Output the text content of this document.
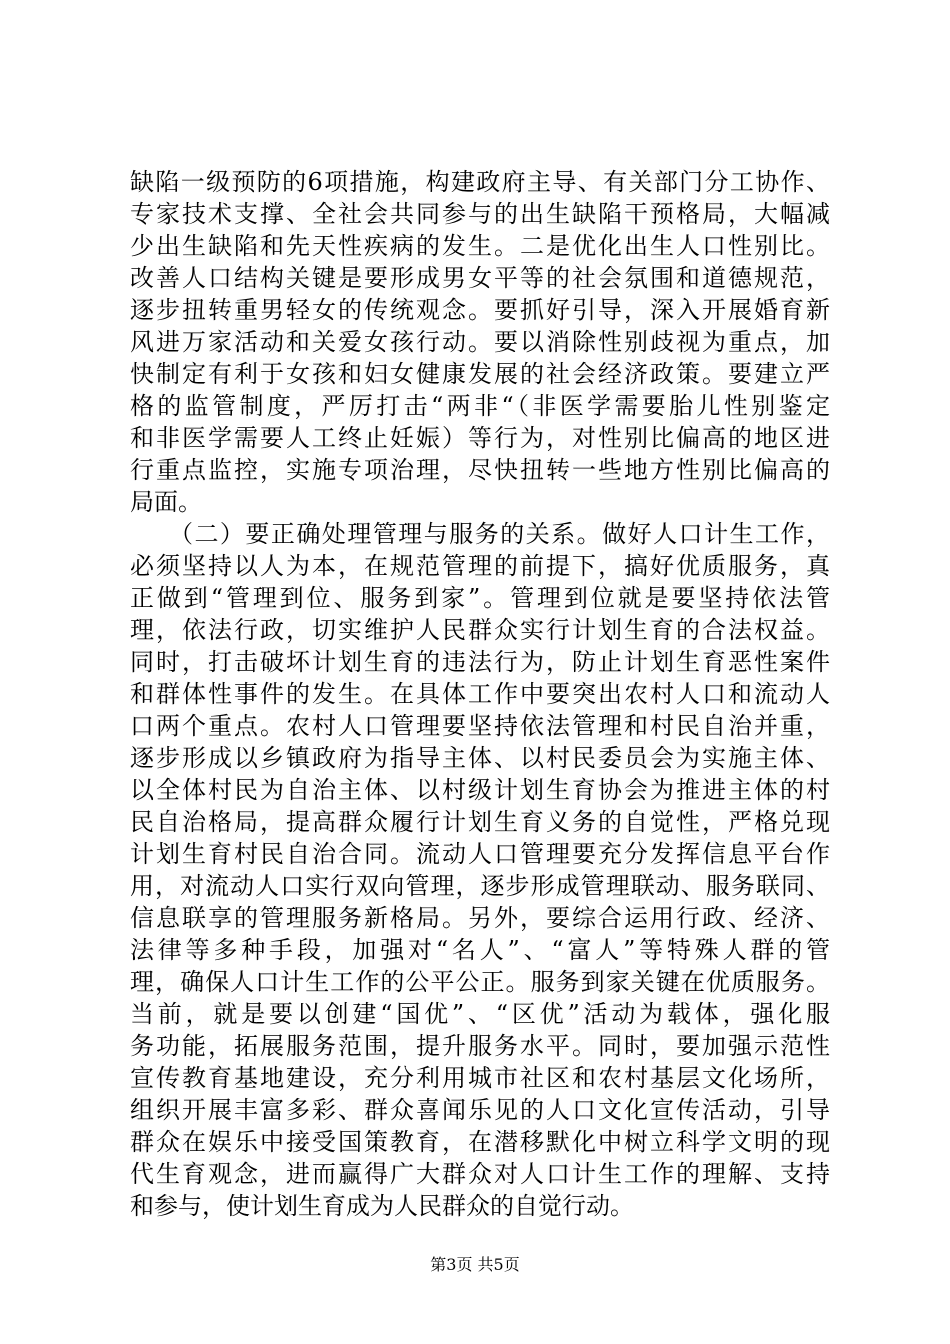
缺陷一级预防的6项措施，构建政府主导、有关部门分工协作、
专家技术支撑、全社会共同参与的出生缺陷干预格局，大幅减
少出生缺陷和先天性疾病的发生。二是优化出生人口性别比。
改善人口结构关键是要形成男女平等的社会氛围和道德规范，
逐步扭转重男轻女的传统观念。要抓好引导，深入开展婚育新
风进万家活动和关爱女孩行动。要以消除性别歧视为重点，加
快制定有利于女孩和妇女健康发展的社会经济政策。要建立严
格的监管制度，严厉打击“两非“（非医学需要胎儿性别鉴定
和非医学需要人工终止妊娠）等行为，对性别比偏高的地区进
行重点监控，实施专项治理，尽快扭转一些地方性别比偏高的
局面。
　　（二）要正确处理管理与服务的关系。做好人口计生工作，
必须坚持以人为本，在规范管理的前提下，搞好优质服务，真
正做到“管理到位、服务到家”。管理到位就是要坚持依法管
理，依法行政，切实维护人民群众实行计划生育的合法权益。
同时，打击破坏计划生育的违法行为，防止计划生育恶性案件
和群体性事件的发生。在具体工作中要突出农村人口和流动人
口两个重点。农村人口管理要坚持依法管理和村民自治并重，
逐步形成以乡镇政府为指导主体、以村民委员会为实施主体、
以全体村民为自治主体、以村级计划生育协会为推进主体的村
民自治格局，提高群众履行计划生育义务的自觉性，严格兑现
计划生育村民自治合同。流动人口管理要充分发挥信息平台作
用，对流动人口实行双向管理，逐步形成管理联动、服务联同、
信息联享的管理服务新格局。另外，要综合运用行政、经济、
法律等多种手段，加强对“名人”、“富人”等特殊人群的管
理，确保人口计生工作的公平公正。服务到家关键在优质服务。
当前，就是要以创建“国优”、“区优”活动为载体，强化服
务功能，拓展服务范围，提升服务水平。同时，要加强示范性
宣传教育基地建设，充分利用城市社区和农村基层文化场所，
组织开展丰富多彩、群众喜闻乐见的人口文化宣传活动，引导
群众在娱乐中接受国策教育，在潜移默化中树立科学文明的现
代生育观念，进而赢得广大群众对人口计生工作的理解、支持
和参与，使计划生育成为人民群众的自觉行动。
第3页 共5页
